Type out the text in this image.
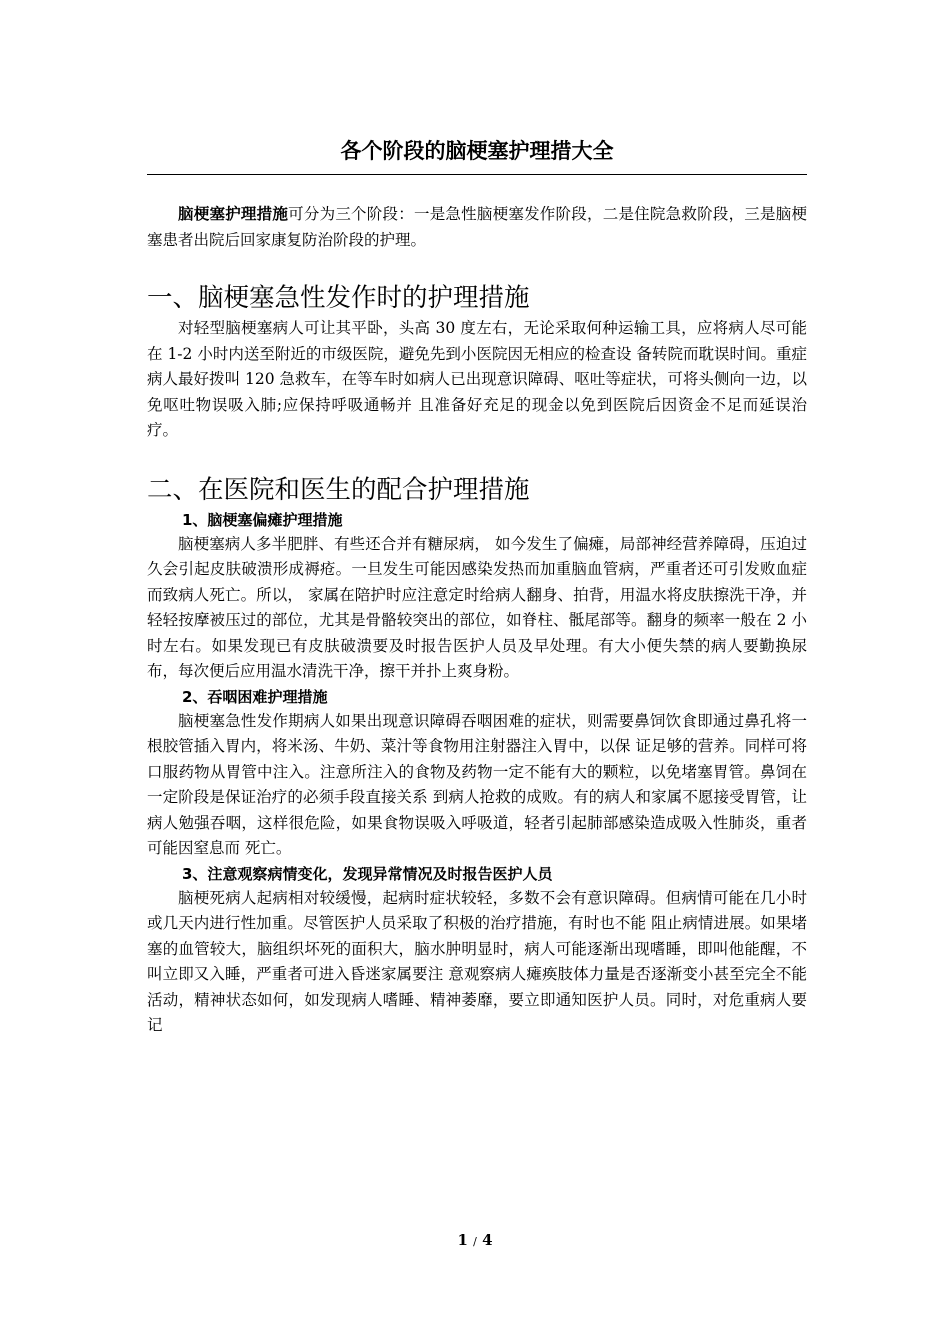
各个阶段的脑梗塞护理措大全

脑梗塞护理措施可分为三个阶段：一是急性脑梗塞发作阶段，二是住院急救阶段，三是脑梗塞患者出院后回家康复防治阶段的护理。

一、脑梗塞急性发作时的护理措施

对轻型脑梗塞病人可让其平卧，头高 30 度左右，无论采取何种运输工具，应将病人尽可能在 1-2 小时内送至附近的市级医院，避免先到小医院因无相应的检查设 备转院而耽误时间。重症病人最好拨叫 120 急救车，在等车时如病人已出现意识障碍、呕吐等症状，可将头侧向一边，以免呕吐物误吸入肺;应保持呼吸通畅并 且准备好充足的现金以免到医院后因资金不足而延误治疗。

二、在医院和医生的配合护理措施
1、脑梗塞偏瘫护理措施

脑梗塞病人多半肥胖、有些还合并有糖尿病， 如今发生了偏瘫，局部神经营养障碍，压迫过久会引起皮肤破溃形成褥疮。一旦发生可能因感染发热而加重脑血管病，严重者还可引发败血症而致病人死亡。所以， 家属在陪护时应注意定时给病人翻身、拍背，用温水将皮肤擦洗干净，并轻轻按摩被压过的部位，尤其是骨骼较突出的部位，如脊柱、骶尾部等。翻身的频率一般在 2 小时左右。如果发现已有皮肤破溃要及时报告医护人员及早处理。有大小便失禁的病人要勤换尿布，每次便后应用温水清洗干净，擦干并扑上爽身粉。

2、吞咽困难护理措施

脑梗塞急性发作期病人如果出现意识障碍吞咽困难的症状，则需要鼻饲饮食即通过鼻孔将一根胶管插入胃内，将米汤、牛奶、菜汁等食物用注射器注入胃中，以保 证足够的营养。同样可将口服药物从胃管中注入。注意所注入的食物及药物一定不能有大的颗粒，以免堵塞胃管。鼻饲在一定阶段是保证治疗的必须手段直接关系 到病人抢救的成败。有的病人和家属不愿接受胃管，让病人勉强吞咽，这样很危险，如果食物误吸入呼吸道，轻者引起肺部感染造成吸入性肺炎，重者可能因窒息而 死亡。

3、注意观察病情变化，发现异常情况及时报告医护人员

脑梗死病人起病相对较缓慢，起病时症状较轻，多数不会有意识障碍。但病情可能在几小时或几天内进行性加重。尽管医护人员采取了积极的治疗措施，有时也不能 阻止病情进展。如果堵塞的血管较大，脑组织坏死的面积大，脑水肿明显时，病人可能逐渐出现嗜睡，即叫他能醒，不叫立即又入睡，严重者可进入昏迷家属要注 意观察病人瘫痪肢体力量是否逐渐变小甚至完全不能活动，精神状态如何，如发现病人嗜睡、精神萎靡，要立即通知医护人员。同时，对危重病人要记

1 / 4
